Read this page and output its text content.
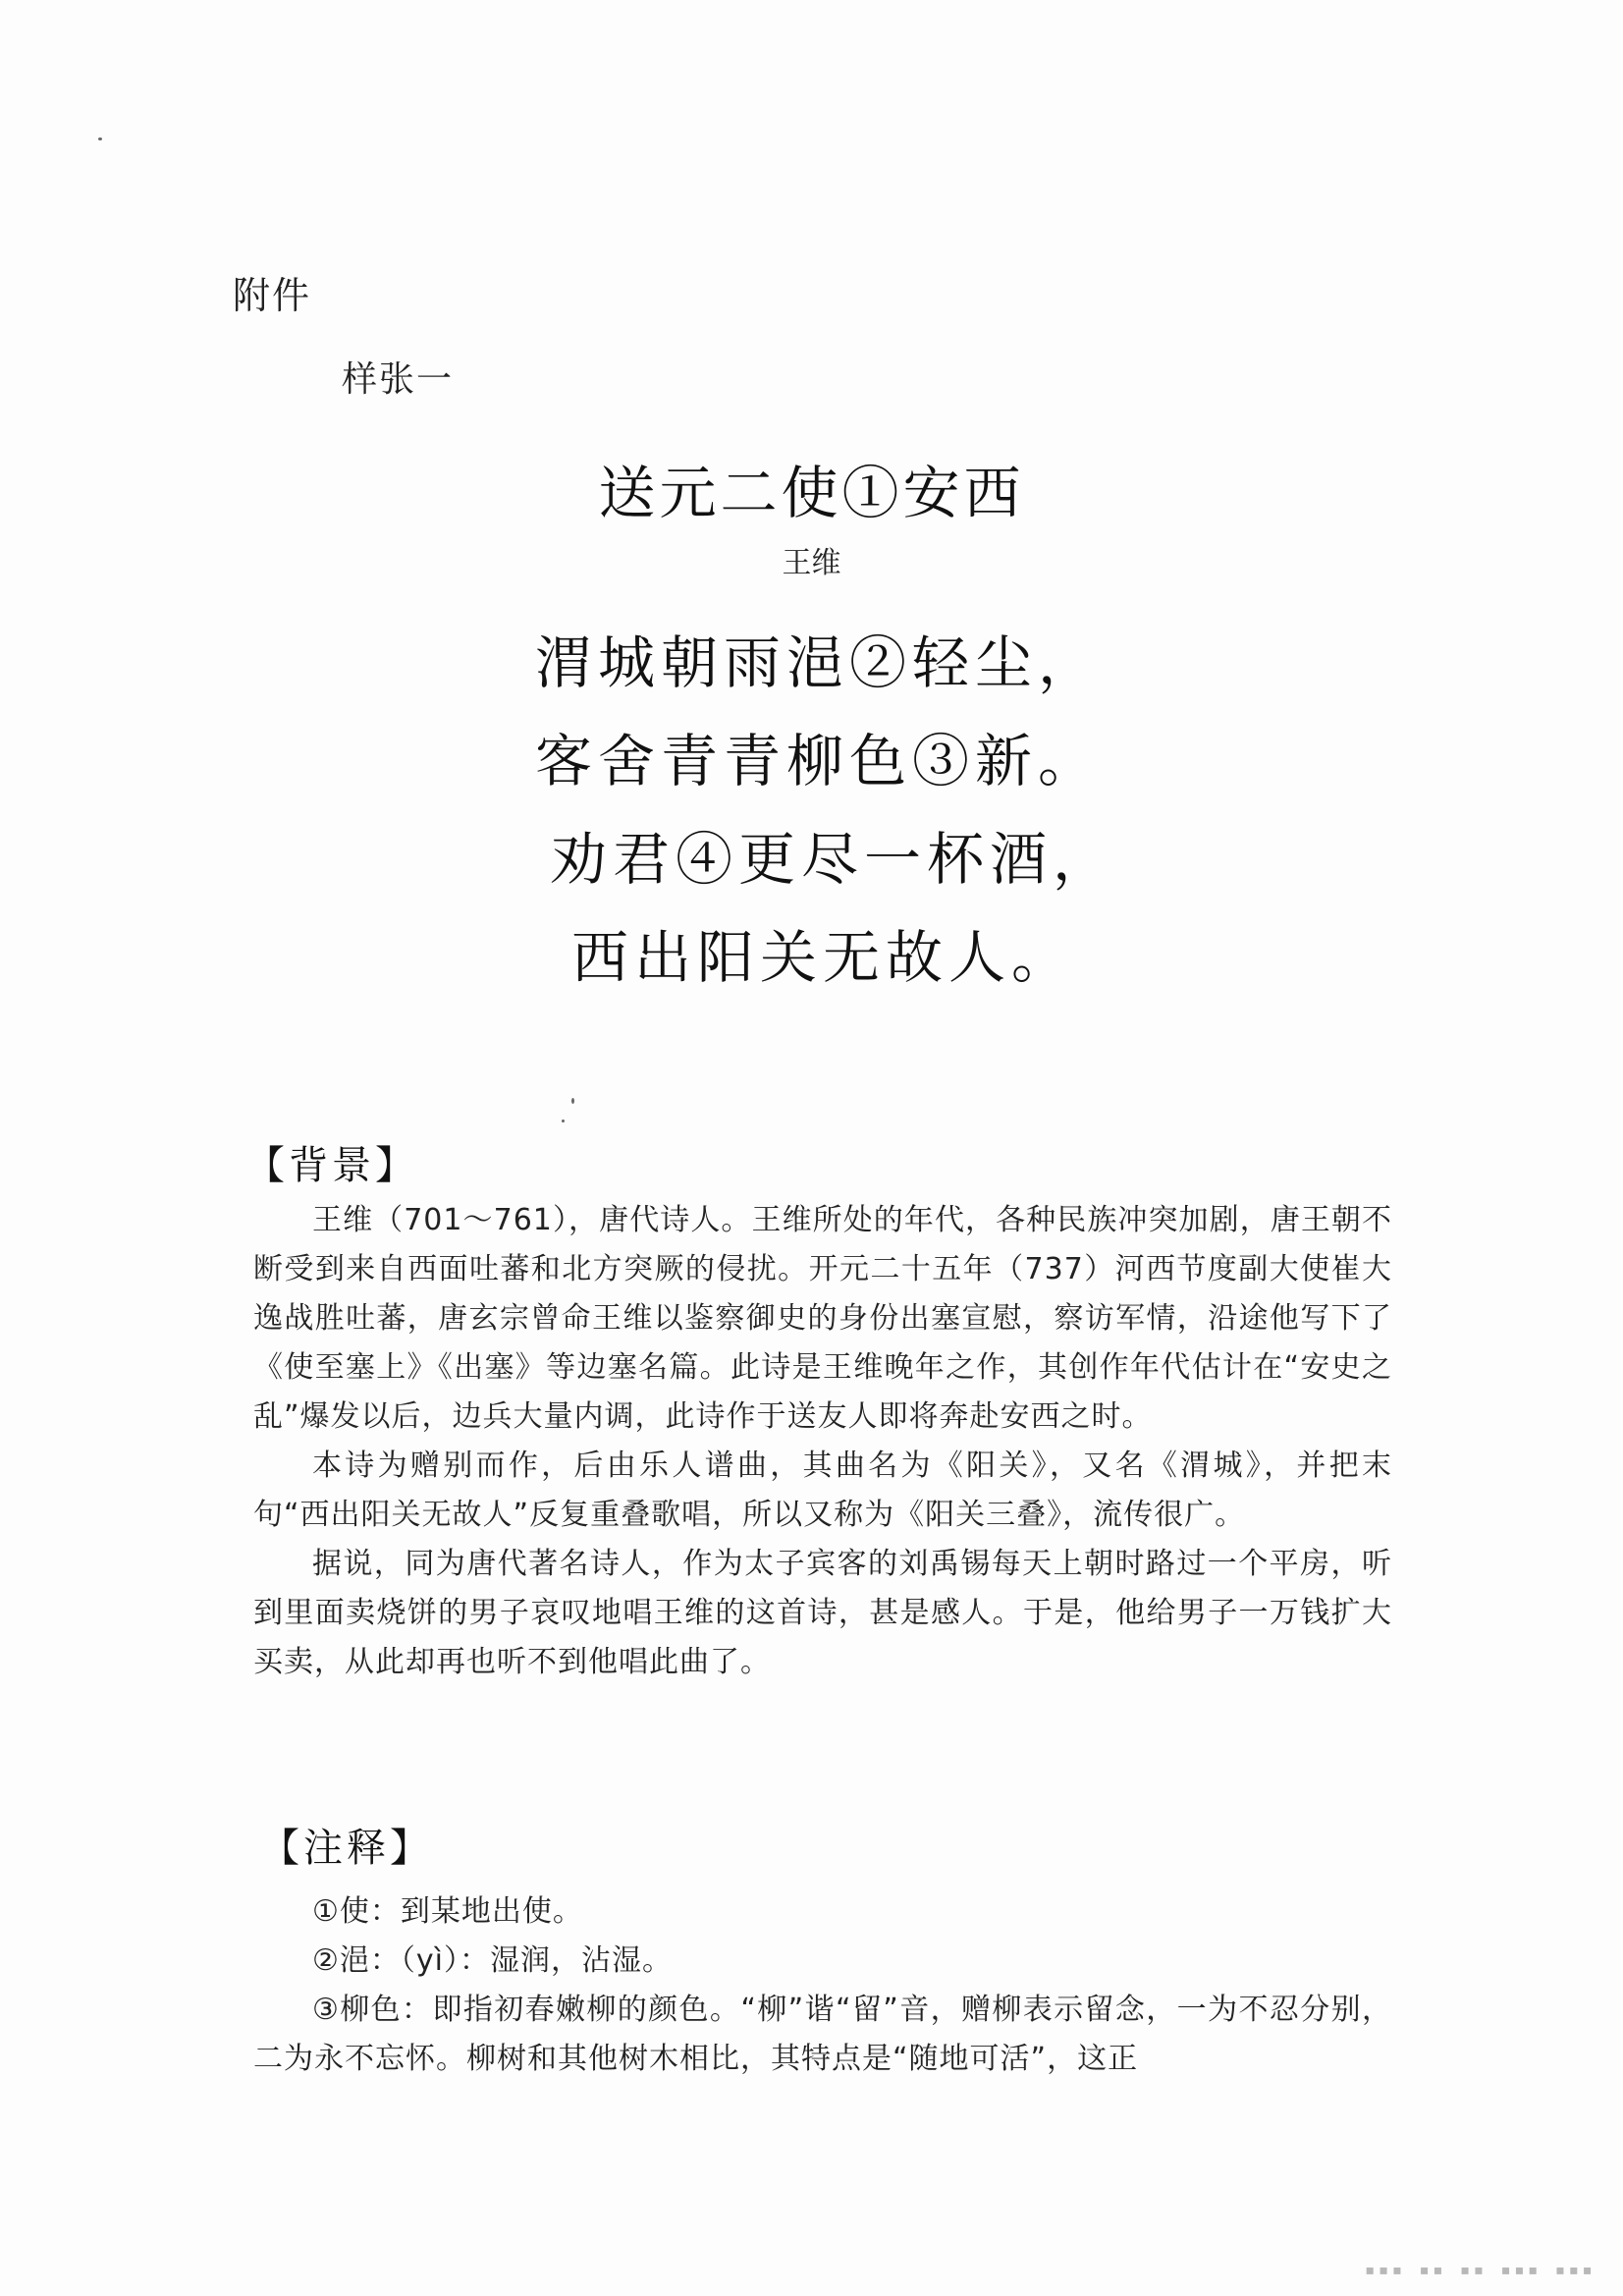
附件
样张一
送元二使①安西
王维
渭城朝雨浥②轻尘，
客舍青青柳色③新。
劝君④更尽一杯酒，
西出阳关无故人。
【背景】

王维（701～761），唐代诗人。王维所处的年代，各种民族冲突加剧，唐王朝不断受到来自西面吐蕃和北方突厥的侵扰。开元二十五年（737）河西节度副大使崔大逸战胜吐蕃，唐玄宗曾命王维以鉴察御史的身份出塞宣慰，察访军情，沿途他写下了《使至塞上》《出塞》等边塞名篇。此诗是王维晚年之作，其创作年代估计在“安史之乱”爆发以后，边兵大量内调，此诗作于送友人即将奔赴安西之时。

本诗为赠别而作，后由乐人谱曲，其曲名为《阳关》，又名《渭城》，并把末句“西出阳关无故人”反复重叠歌唱，所以又称为《阳关三叠》，流传很广。

据说，同为唐代著名诗人，作为太子宾客的刘禹锡每天上朝时路过一个平房，听到里面卖烧饼的男子哀叹地唱王维的这首诗，甚是感人。于是，他给男子一万钱扩大买卖，从此却再也听不到他唱此曲了。

【注释】

①使：到某地出使。

②浥：（yì）：湿润，沾湿。

③柳色：即指初春嫩柳的颜色。“柳”谐“留”音，赠柳表示留念，一为不忍分别，二为永不忘怀。柳树和其他树木相比，其特点是“随地可活”，这正

▪▪▪ ▪▪ ▪▪ ▪▪▪ ▪▪▪
